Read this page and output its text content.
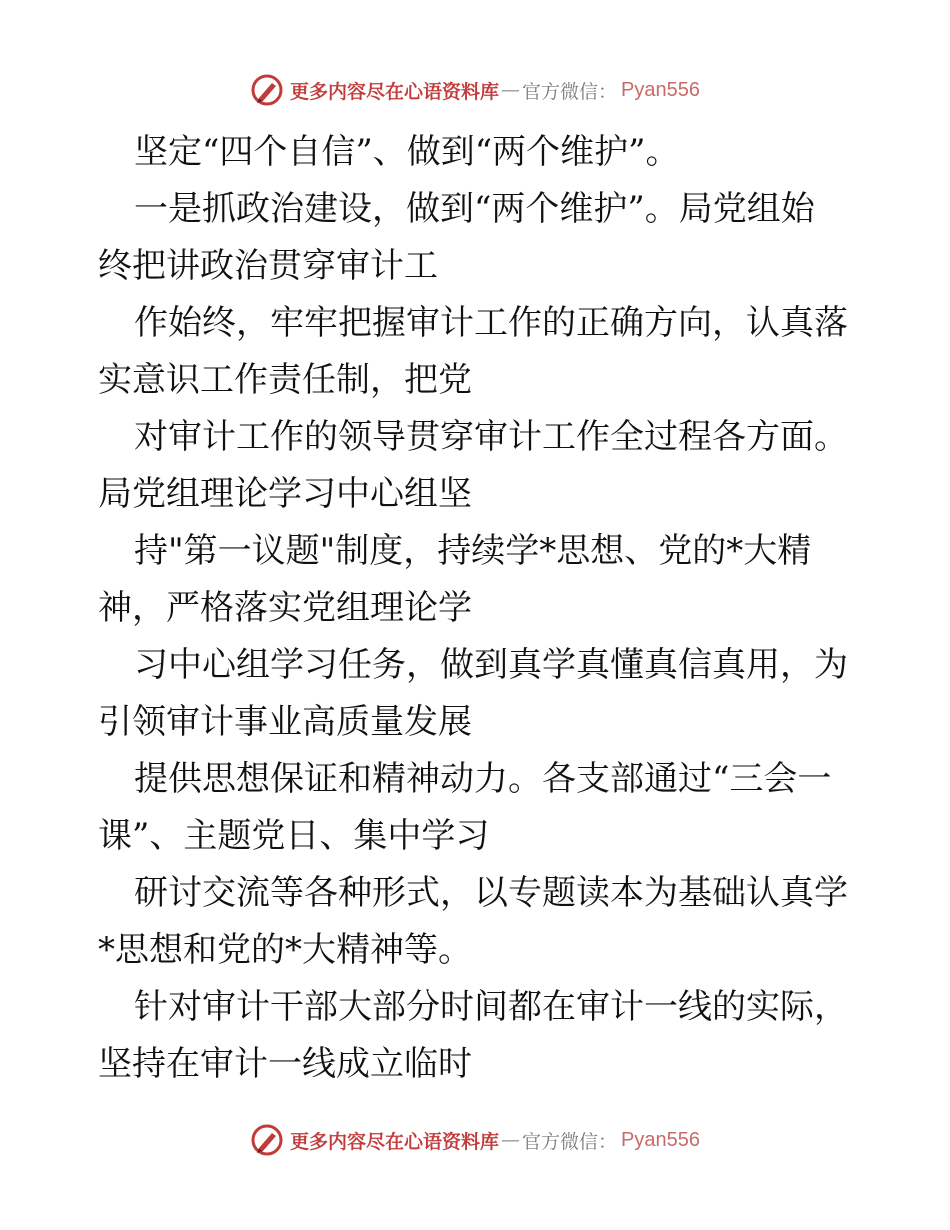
更多内容尽在心语资料库 — 官方微信： Pyan556
坚定“四个自信”、做到“两个维护”。
一是抓政治建设，做到“两个维护”。局党组始
终把讲政治贯穿审计工
作始终，牢牢把握审计工作的正确方向，认真落
实意识工作责任制，把党
对审计工作的领导贯穿审计工作全过程各方面。
局党组理论学习中心组坚
持"第一议题"制度，持续学*思想、党的*大精
神，严格落实党组理论学
习中心组学习任务，做到真学真懂真信真用，为
引领审计事业高质量发展
提供思想保证和精神动力。各支部通过“三会一
课”、主题党日、集中学习
研讨交流等各种形式，以专题读本为基础认真学
*思想和党的*大精神等。
针对审计干部大部分时间都在审计一线的实际，
坚持在审计一线成立临时
更多内容尽在心语资料库 — 官方微信： Pyan556
